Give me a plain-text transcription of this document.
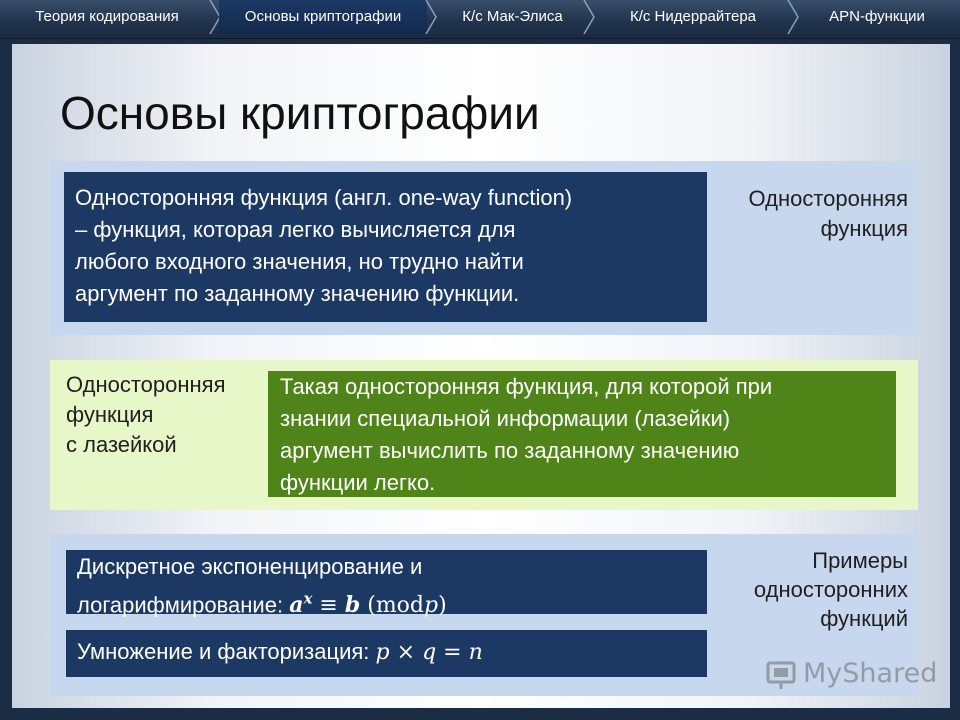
Теория кодирования	Основы криптографии	К/с Мак-Элиса	К/с Нидеррайтера	APN-функции
Основы криптографии
Односторонняя функция (англ. one-way function)
– функция, которая легко вычисляется для
любого входного значения, но трудно найти
аргумент по заданному значению функции.
Односторонняя
функция
Односторонняя
функция
с лазейкой
Такая односторонняя функция, для которой при
знании специальной информации (лазейки)
аргумент вычислить по заданному значению
функции легко.
Дискретное экспоненцирование и
логарифмирование: $a^x \equiv b$ (modp)
Умножение и факторизация: p × q = n
Примеры
односторонних
функций
MyShared
